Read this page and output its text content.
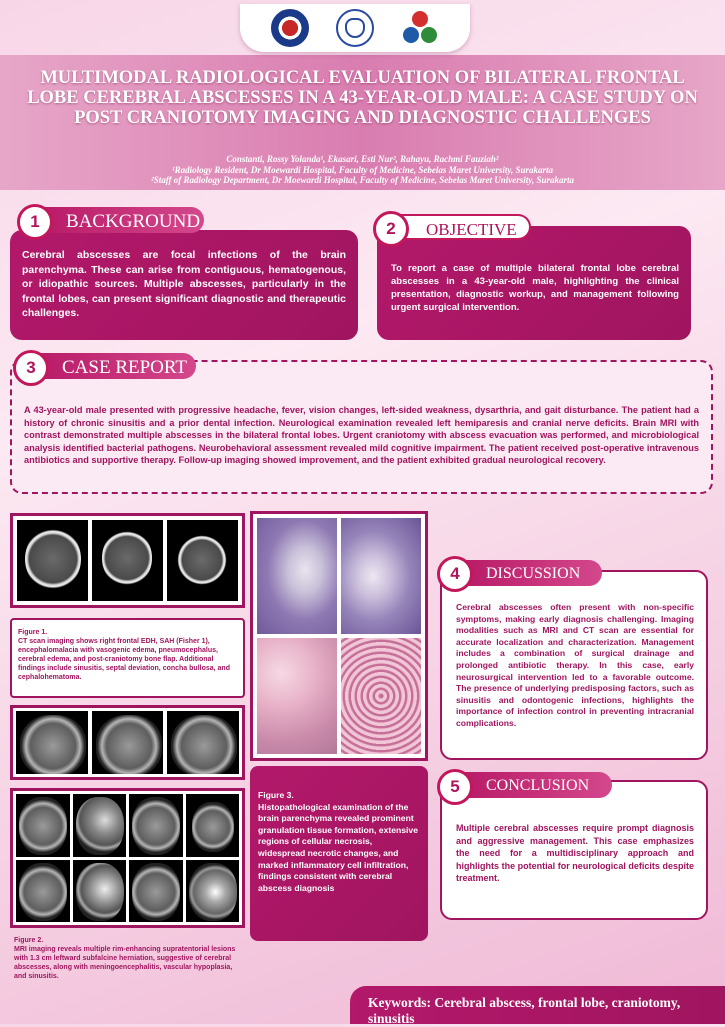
MULTIMODAL RADIOLOGICAL EVALUATION OF BILATERAL FRONTAL LOBE CEREBRAL ABSCESSES IN A 43-YEAR-OLD MALE: A CASE STUDY ON POST CRANIOTOMY IMAGING AND DIAGNOSTIC CHALLENGES
Constanti, Rossy Yolanda¹, Ekasari, Esti Nur², Rahayu, Rachmi Fauziah²
¹Radiology Resident, Dr Moewardi Hospital, Faculty of Medicine, Sebelas Maret University, Surakarta
²Staff of Radiology Department, Dr Moewardi Hospital, Faculty of Medicine, Sebelas Maret University, Surakarta
1	BACKGROUND

Cerebral abscesses are focal infections of the brain parenchyma. These can arise from contiguous, hematogenous, or idiopathic sources. Multiple abscesses, particularly in the frontal lobes, can present significant diagnostic and therapeutic challenges.

2	OBJECTIVE

To report a case of multiple bilateral frontal lobe cerebral abscesses in a 43-year-old male, highlighting the clinical presentation, diagnostic workup, and management following urgent surgical intervention.

A 43-year-old male presented with progressive headache, fever, vision changes, left-sided weakness, dysarthria, and gait disturbance. The patient had a history of chronic sinusitis and a prior dental infection. Neurological examination revealed left hemiparesis and cranial nerve deficits. Brain MRI with contrast demonstrated multiple abscesses in the bilateral frontal lobes. Urgent craniotomy with abscess evacuation was performed, and microbiological analysis identified bacterial pathogens. Neurobehavioral assessment revealed mild cognitive impairment. The patient received post-operative intravenous antibiotics and supportive therapy. Follow-up imaging showed improvement, and the patient exhibited gradual neurological recovery.

3	CASE REPORT
Figure 1.
CT scan imaging shows right frontal EDH, SAH (Fisher 1), encephalomalacia with vasogenic edema, pneumocephalus, cerebral edema, and post-craniotomy bone flap. Additional findings include sinusitis, septal deviation, concha bullosa, and cephalohematoma.
Figure 2.
MRI imaging reveals multiple rim-enhancing supratentorial lesions with 1.3 cm leftward subfalcine herniation, suggestive of cerebral abscesses, along with meningoencephalitis, vascular hypoplasia, and sinusitis.
Figure 3.
Histopathological examination of the brain parenchyma revealed prominent granulation tissue formation, extensive regions of cellular necrosis, widespread necrotic changes, and marked inflammatory cell infiltration, findings consistent with cerebral abscess diagnosis

Cerebral abscesses often present with non-specific symptoms, making early diagnosis challenging. Imaging modalities such as MRI and CT scan are essential for accurate localization and characterization. Management includes a combination of surgical drainage and prolonged antibiotic therapy. In this case, early neurosurgical intervention led to a favorable outcome. The presence of underlying predisposing factors, such as sinusitis and odontogenic infections, highlights the importance of infection control in preventing intracranial complications.

4	DISCUSSION

Multiple cerebral abscesses require prompt diagnosis and aggressive management. This case emphasizes the need for a multidisciplinary approach and highlights the potential for neurological deficits despite treatment.

5	CONCLUSION
Keywords: Cerebral abscess, frontal lobe, craniotomy, sinusitis
